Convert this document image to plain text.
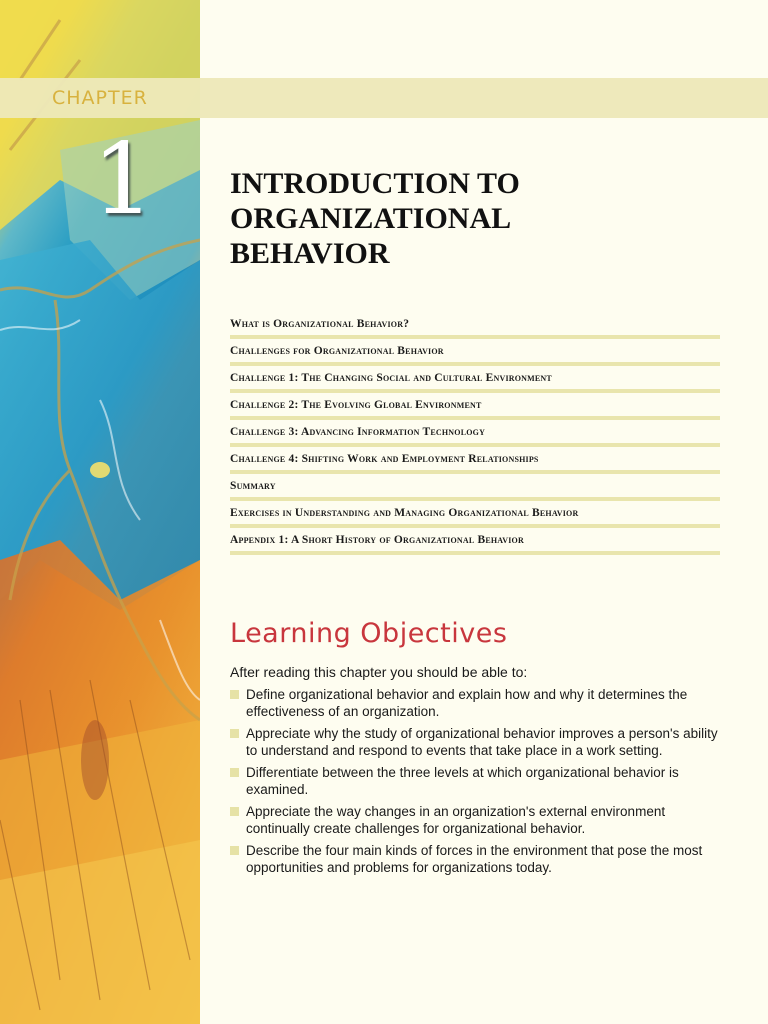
CHAPTER
1	INTRODUCTION TO
ORGANIZATIONAL
BEHAVIOR
What is Organizational Behavior?
Challenges for Organizational Behavior
Challenge 1: The Changing Social and Cultural Environment
Challenge 2: The Evolving Global Environment
Challenge 3: Advancing Information Technology
Challenge 4: Shifting Work and Employment Relationships
Summary
Exercises in Understanding and Managing Organizational Behavior
Appendix 1: A Short History of Organizational Behavior
Learning Objectives
After reading this chapter you should be able to:
Define organizational behavior and explain how and why it determines the effectiveness of an organization.
Appreciate why the study of organizational behavior improves a person's ability to understand and respond to events that take place in a work setting.
Differentiate between the three levels at which organizational behavior is examined.
Appreciate the way changes in an organization's external environment continually create challenges for organizational behavior.
Describe the four main kinds of forces in the environment that pose the most opportunities and problems for organizations today.
